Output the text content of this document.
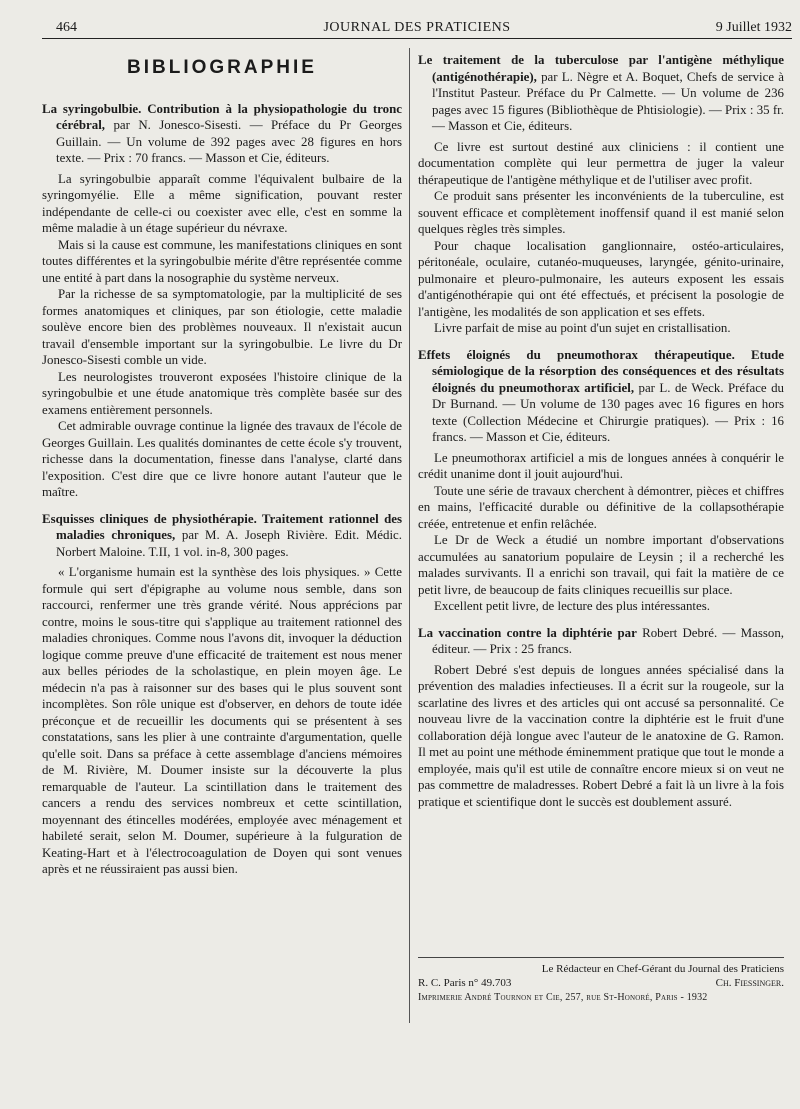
464	JOURNAL DES PRATICIENS	9 Juillet 1932
BIBLIOGRAPHIE

La syringobulbie. Contribution à la physiopathologie du tronc cérébral, par N. Jonesco-Sisesti. — Préface du Pr Georges Guillain. — Un volume de 392 pages avec 28 figures en hors texte. — Prix : 70 francs. — Masson et Cie, éditeurs.

La syringobulbie apparaît comme l'équivalent bulbaire de la syringomyélie. Elle a même signification, pouvant rester indépendante de celle-ci ou coexister avec elle, c'est en somme la même maladie à un étage supérieur du névraxe.

Mais si la cause est commune, les manifestations cliniques en sont toutes différentes et la syringobulbie mérite d'être représentée comme une entité à part dans la nosographie du système nerveux.

Par la richesse de sa symptomatologie, par la multiplicité de ses formes anatomiques et cliniques, par son étiologie, cette maladie soulève encore bien des problèmes nouveaux. Il n'existait aucun travail d'ensemble important sur la syringobulbie. Le livre du Dr Jonesco-Sisesti comble un vide.

Les neurologistes trouveront exposées l'histoire clinique de la syringobulbie et une étude anatomique très complète basée sur des examens entièrement personnels.

Cet admirable ouvrage continue la lignée des travaux de l'école de Georges Guillain. Les qualités dominantes de cette école s'y trouvent, richesse dans la documentation, finesse dans l'analyse, clarté dans l'exposition. C'est dire que ce livre honore autant l'auteur que le maître.

Esquisses cliniques de physiothérapie. Traitement rationnel des maladies chroniques, par M. A. Joseph Rivière. Edit. Médic. Norbert Maloine. T.II, 1 vol. in-8, 300 pages.

« L'organisme humain est la synthèse des lois physiques. » Cette formule qui sert d'épigraphe au volume nous semble, dans son raccourci, renfermer une très grande vérité. Nous apprécions par contre, moins le sous-titre qui s'applique au traitement rationnel des maladies chroniques. Comme nous l'avons dit, invoquer la déduction logique comme preuve d'une efficacité de traitement est nous mener aux belles périodes de la scholastique, en plein moyen âge. Le médecin n'a pas à raisonner sur des bases qui le plus souvent sont incomplètes. Son rôle unique est d'observer, en dehors de toute idée préconçue et de recueillir les documents qui se présentent à ses constatations, sans les plier à une contrainte d'argumentation, quelle qu'elle soit. Dans sa préface à cette assemblage d'anciens mémoires de M. Rivière, M. Doumer insiste sur la découverte la plus remarquable de l'auteur. La scintillation dans le traitement des cancers a rendu des services nombreux et cette scintillation, moyennant des étincelles modérées, employée avec ménagement et habileté serait, selon M. Doumer, supérieure à la fulguration de Keating-Hart et à l'électrocoagulation de Doyen qui sont venues après et ne réussiraient pas aussi bien.

Le traitement de la tuberculose par l'antigène méthylique (antigénothérapie), par L. Nègre et A. Boquet, Chefs de service à l'Institut Pasteur. Préface du Pr Calmette. — Un volume de 236 pages avec 15 figures (Bibliothèque de Phtisiologie). — Prix : 35 fr. — Masson et Cie, éditeurs.

Ce livre est surtout destiné aux cliniciens : il contient une documentation complète qui leur permettra de juger la valeur thérapeutique de l'antigène méthylique et de l'utiliser avec profit.

Ce produit sans présenter les inconvénients de la tuberculine, est souvent efficace et complètement inoffensif quand il est manié selon quelques règles très simples.

Pour chaque localisation ganglionnaire, ostéo-articulaires, péritonéale, oculaire, cutanéo-muqueuses, laryngée, génito-urinaire, pulmonaire et pleuro-pulmonaire, les auteurs exposent les essais d'antigénothérapie qui ont été effectués, et précisent la posologie de l'antigène, les modalités de son application et ses effets.

Livre parfait de mise au point d'un sujet en cristallisation.

Effets éloignés du pneumothorax thérapeutique. Etude sémiologique de la résorption des conséquences et des résultats éloignés du pneumothorax artificiel, par L. de Weck. Préface du Dr Burnand. — Un volume de 130 pages avec 16 figures en hors texte (Collection Médecine et Chirurgie pratiques). — Prix : 16 francs. — Masson et Cie, éditeurs.

Le pneumothorax artificiel a mis de longues années à conquérir le crédit unanime dont il jouit aujourd'hui.

Toute une série de travaux cherchent à démontrer, pièces et chiffres en mains, l'efficacité durable ou définitive de la collapsothérapie créée, entretenue et enfin relâchée.

Le Dr de Weck a étudié un nombre important d'observations accumulées au sanatorium populaire de Leysin ; il a recherché les malades survivants. Il a enrichi son travail, qui fait la matière de ce petit livre, de beaucoup de faits cliniques recueillis sur place.

Excellent petit livre, de lecture des plus intéressantes.

La vaccination contre la diphtérie par Robert Debré. — Masson, éditeur. — Prix : 25 francs.

Robert Debré s'est depuis de longues années spécialisé dans la prévention des maladies infectieuses. Il a écrit sur la rougeole, sur la scarlatine des livres et des articles qui ont accusé sa personnalité. Ce nouveau livre de la vaccination contre la diphtérie est le fruit d'une collaboration déjà longue avec l'auteur de le anatoxine de G. Ramon. Il met au point une méthode éminemment pratique que tout le monde a employée, mais qu'il est utile de connaître encore mieux si on veut ne pas commettre de maladresses. Robert Debré a fait là un livre à la fois pratique et scientifique dont le succès est doublement assuré.

Le Rédacteur en Chef-Gérant du Journal des Praticiens
R. C. Paris n° 49.703	Ch. Fiessinger.
Imprimerie André Tournon et Cie, 257, rue St-Honoré, Paris - 1932
